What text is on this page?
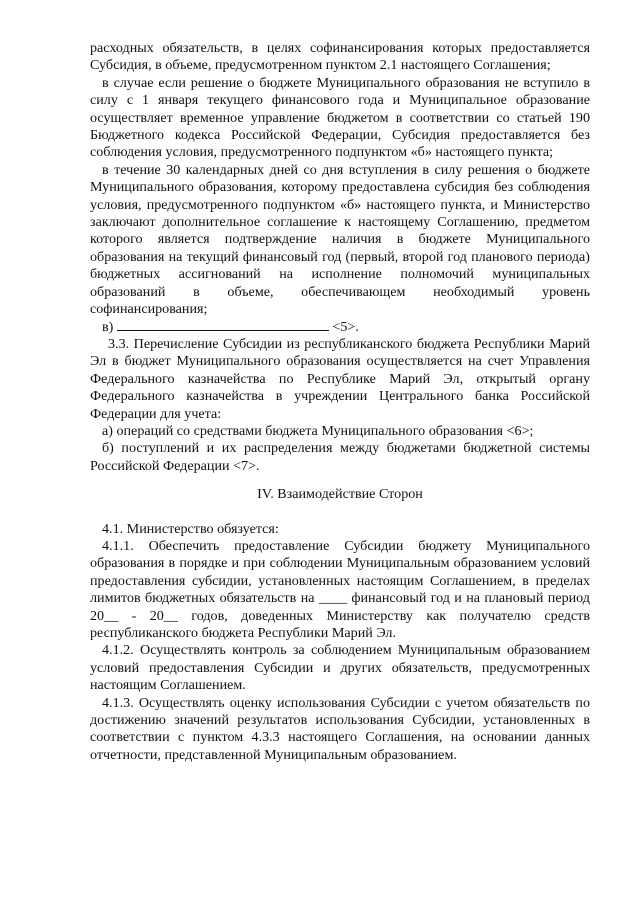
расходных обязательств, в целях софинансирования которых предоставляется Субсидия, в объеме, предусмотренном пунктом 2.1 настоящего Соглашения;

в случае если решение о бюджете Муниципального образования не вступило в силу с 1 января текущего финансового года и Муниципальное образование осуществляет временное управление бюджетом в соответствии со статьей 190 Бюджетного кодекса Российской Федерации, Субсидия предоставляется без соблюдения условия, предусмотренного подпунктом «б» настоящего пункта;

в течение 30 календарных дней со дня вступления в силу решения о бюджете Муниципального образования, которому предоставлена субсидия без соблюдения условия, предусмотренного подпунктом «б» настоящего пункта, и Министерство заключают дополнительное соглашение к настоящему Соглашению, предметом которого является подтверждение наличия в бюджете Муниципального образования на текущий финансовый год (первый, второй год планового периода) бюджетных ассигнований на исполнение полномочий муниципальных образований в объеме, обеспечивающем необходимый уровень софинансирования;

в)	<5>.

3.3. Перечисление Субсидии из республиканского бюджета Республики Марий Эл в бюджет Муниципального образования осуществляется на счет Управления Федерального казначейства по Республике Марий Эл, открытый органу Федерального казначейства в учреждении Центрального банка Российской Федерации для учета:

а) операций со средствами бюджета Муниципального образования <6>;

б) поступлений и их распределения между бюджетами бюджетной системы Российской Федерации <7>.

IV. Взаимодействие Сторон

4.1. Министерство обязуется:

4.1.1. Обеспечить предоставление Субсидии бюджету Муниципального образования в порядке и при соблюдении Муниципальным образованием условий предоставления субсидии, установленных настоящим Соглашением, в пределах лимитов бюджетных обязательств на ____ финансовый год и на плановый период 20__ - 20__ годов, доведенных Министерству как получателю средств республиканского бюджета Республики Марий Эл.

4.1.2. Осуществлять контроль за соблюдением Муниципальным образованием условий предоставления Субсидии и других обязательств, предусмотренных настоящим Соглашением.

4.1.3. Осуществлять оценку использования Субсидии с учетом обязательств по достижению значений результатов использования Субсидии, установленных в соответствии с пунктом 4.3.3 настоящего Соглашения, на основании данных отчетности, представленной Муниципальным образованием.
